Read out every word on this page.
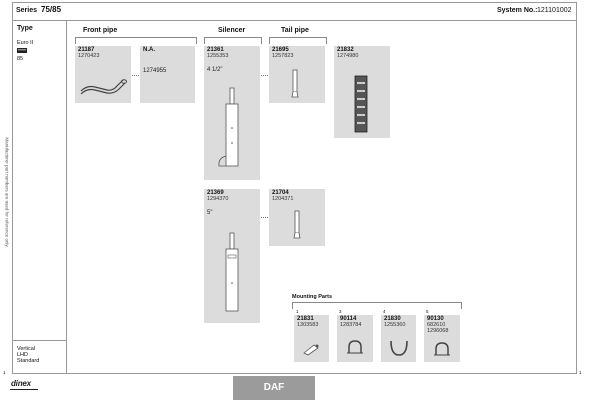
Series 75/85	System No.: 121101002
Type
Euro II
85
Vertical
LHD
Standard
Manufacturer part numbers are used for reference only.
Front pipe	Silencer	Tail pipe
21187
1270423
N.A.
1274955
21361
1255353
4 1/2"
21695
1257823
21832
1274980
21369
1294370
5"
21704
1204371
Mounting Parts
1
21831
1303583
3
90114
1283784
4
21830
1255360
5
90130
682610
1296068
1	1
dinex	DAF
